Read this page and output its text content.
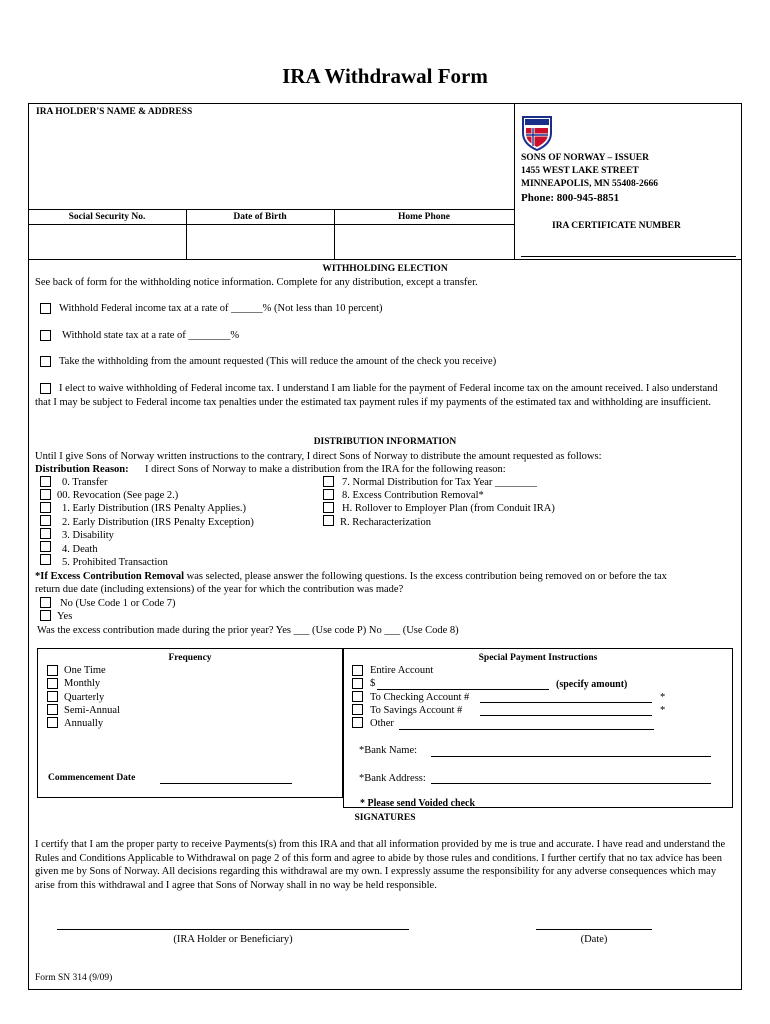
IRA Withdrawal Form
IRA HOLDER'S NAME & ADDRESS
SONS OF NORWAY – ISSUER
1455 WEST LAKE STREET
MINNEAPOLIS, MN 55408-2666
Phone: 800-945-8851
IRA CERTIFICATE NUMBER
Social Security No.	Date of Birth	Home Phone
WITHHOLDING ELECTION
See back of form for the withholding notice information. Complete for any distribution, except a transfer.
Withhold Federal income tax at a rate of ______% (Not less than 10 percent)
Withhold state tax at a rate of ________%
Take the withholding from the amount requested (This will reduce the amount of the check you receive)
I elect to waive withholding of Federal income tax. I understand I am liable for the payment of Federal income tax on the amount received. I also understand that I may be subject to Federal income tax penalties under the estimated tax payment rules if my payments of the estimated tax and withholding are insufficient.
DISTRIBUTION INFORMATION
Until I give Sons of Norway written instructions to the contrary, I direct Sons of Norway to distribute the amount requested as follows:
Distribution Reason: I direct Sons of Norway to make a distribution from the IRA for the following reason:
0. Transfer
00. Revocation (See page 2.)
1. Early Distribution (IRS Penalty Applies.)
2. Early Distribution (IRS Penalty Exception)
3. Disability
4. Death
5. Prohibited Transaction
7. Normal Distribution for Tax Year ________
8. Excess Contribution Removal*
H. Rollover to Employer Plan (from Conduit IRA)
R. Recharacterization
*If Excess Contribution Removal was selected, please answer the following questions. Is the excess contribution being removed on or before the tax
return due date (including extensions) of the year for which the contribution was made?
No (Use Code 1 or Code 7)
Yes
Was the excess contribution made during the prior year? Yes ___ (Use code P) No ___ (Use Code 8)
Frequency
One Time
Monthly
Quarterly
Semi-Annual
Annually
Commencement Date
Special Payment Instructions
Entire Account
$	(specify amount)
To Checking Account #	*
To Savings Account #	*
Other
*Bank Name:
*Bank Address:
* Please send Voided check
SIGNATURES
I certify that I am the proper party to receive Payments(s) from this IRA and that all information provided by me is true and accurate. I have read and understand the Rules and Conditions Applicable to Withdrawal on page 2 of this form and agree to abide by those rules and conditions. I further certify that no tax advice has been given me by Sons of Norway. All decisions regarding this withdrawal are my own. I expressly assume the responsibility for any adverse consequences which may arise from this withdrawal and I agree that Sons of Norway shall in no way be held responsible.
(IRA Holder or Beneficiary)	(Date)
Form SN 314 (9/09)
